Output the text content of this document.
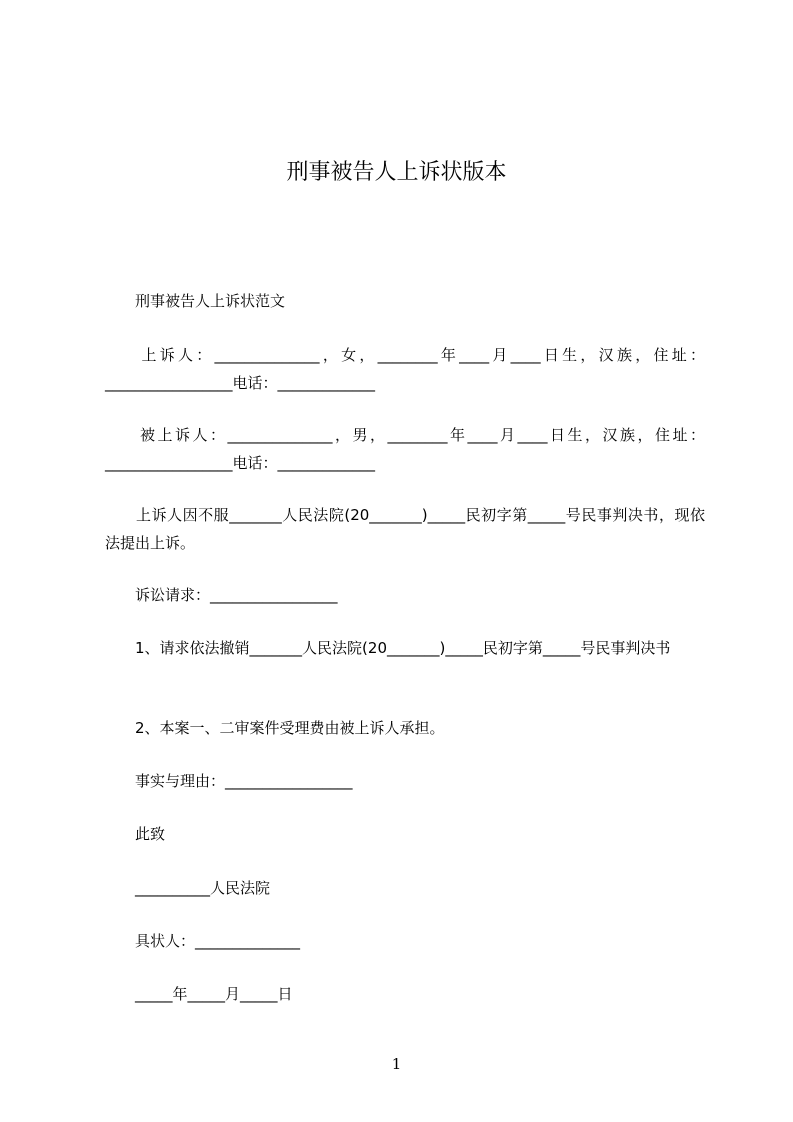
刑事被告人上诉状版本

　　刑事被告人上诉状范文

　　上诉人：______________，女，________年____月____日生，汉族，住址：_________________电话：_____________

　　被上诉人：______________，男，________年____月____日生，汉族，住址：_________________电话：_____________

　　上诉人因不服_______人民法院(20_______)_____民初字第_____号民事判决书，现依法提出上诉。

　　诉讼请求：_________________

　　1、请求依法撤销_______人民法院(20_______)_____民初字第_____号民事判决书

　　2、本案一、二审案件受理费由被上诉人承担。

　　事实与理由：_________________

　　此致

　　__________人民法院

　　具状人：______________

　　_____年_____月_____日

1
